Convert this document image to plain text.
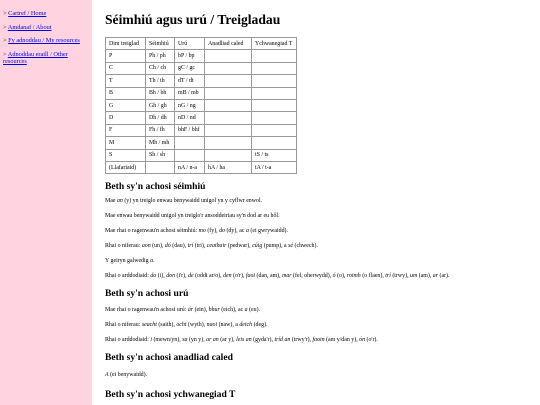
> Cartref / Home
> Amdanaf / About
> Fy adnoddau / My resources
> Adnoddau eraill / Other resources
Séimhiú agus urú / Treigladau
Dim treiglad	Séimhiú	Urú	Anadliad caled	Ychwanegiad T
P	Ph / ph	bP / bp		
C	Ch / ch	gC / gc		
T	Th / th	dT / dt		
B	Bh / bh	mB / mb		
G	Gh / gh	nG / ng		
D	Dh / dh	nD / nd		
F	Fh / fh	bhF / bhf		
M	Mh / mh			
S	Sh / sh			tS / ts
(Llafariaid)		nA / n-a	hA / ha	tA / t-a
Beth sy'n achosi séimhiú

Mae an (y) yn treiglo enwau benywaidd unigol yn y cyflwr enwol.

Mae enwau benywaidd unigol yn treiglo'r ansoddeiriau sy'n dod ar eu hôl.

Mae rhai o ragenwau'n achosi séimhiú: mo (fy), do (dy), ac a (ei gwrywaidd).

Rhai o niferau: aon (un), dó (dau), trí (tri), ceathair (pedwar), cúig (pump), a sé (chwech).

Y geiryn galwedig a.

Rhai o arddodiaid: do (i), don (i'r), de (oddi ar/o), den (o'r), faoi (dan, am), mar (fel, oherwydd), ó (o), roimh (o flaen), trí (trwy), um (am), ar (ar).

Beth sy'n achosi urú

Mae rhai o ragenwau'n achosi urú: ár (ein), bhur (eich), ac a (eu).

Rhai o niferau: seacht (saith), ocht (wyth), naoi (naw), a deich (deg).

Rhai o arddodiaid: i (mewn/yn), sa (yn y), ar an (ar y), leis an (gyda'r), tríd an (trwy'r), faoin (am y/dan y), ón (o'r).

Beth sy'n achosi anadliad caled

A (ei benywaidd).

Beth sy'n achosi ychwanegiad T
